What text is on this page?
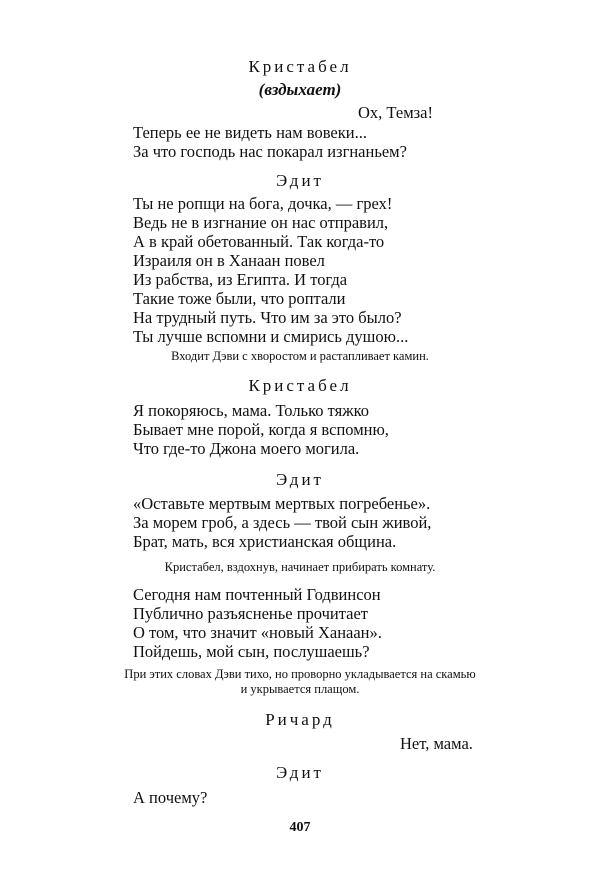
Кристабел
(вздыхает)
Ох, Темза!
Теперь ее не видеть нам вовеки...
За что господь нас покарал изгнаньем?
Эдит
Ты не ропщи на бога, дочка, — грех!
Ведь не в изгнание он нас отправил,
А в край обетованный. Так когда-то
Израиля он в Ханаан повел
Из рабства, из Египта. И тогда
Такие тоже были, что роптали
На трудный путь. Что им за это было?
Ты лучше вспомни и смирись душою...
Входит Дэви с хворостом и растапливает камин.
Кристабел
Я покоряюсь, мама. Только тяжко
Бывает мне порой, когда я вспомню,
Что где-то Джона моего могила.
Эдит
«Оставьте мертвым мертвых погребенье».
За морем гроб, а здесь — твой сын живой,
Брат, мать, вся христианская община.
Кристабел, вздохнув, начинает прибирать комнату.
Сегодня нам почтенный Годвинсон
Публично разъясненье прочитает
О том, что значит «новый Ханаан».
Пойдешь, мой сын, послушаешь?
При этих словах Дэви тихо, но проворно укладывается на скамью
и укрывается плащом.
Ричард
Нет, мама.
Эдит
А почему?
407
